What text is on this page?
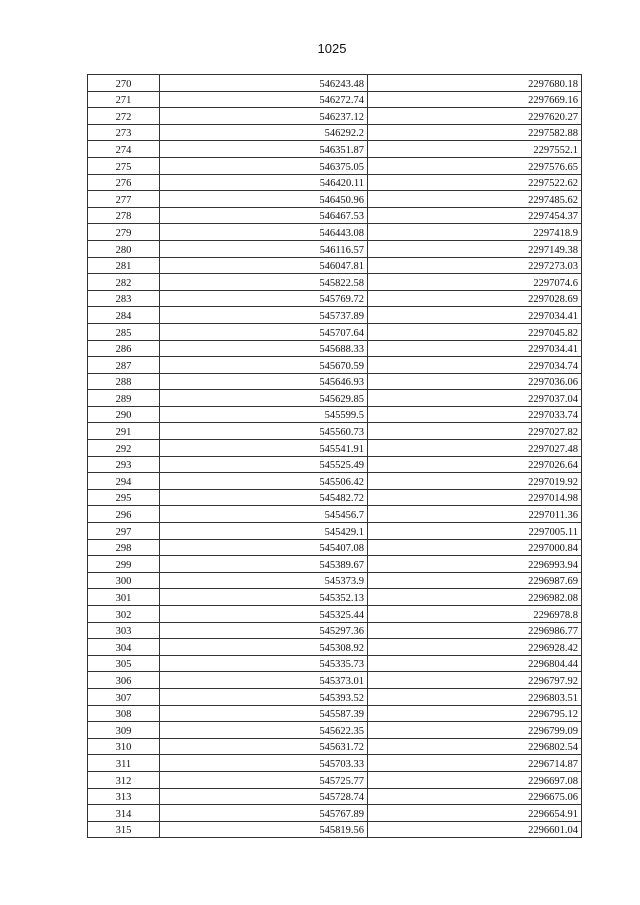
1025
270	546243.48	2297680.18
271	546272.74	2297669.16
272	546237.12	2297620.27
273	546292.2	2297582.88
274	546351.87	2297552.1
275	546375.05	2297576.65
276	546420.11	2297522.62
277	546450.96	2297485.62
278	546467.53	2297454.37
279	546443.08	2297418.9
280	546116.57	2297149.38
281	546047.81	2297273.03
282	545822.58	2297074.6
283	545769.72	2297028.69
284	545737.89	2297034.41
285	545707.64	2297045.82
286	545688.33	2297034.41
287	545670.59	2297034.74
288	545646.93	2297036.06
289	545629.85	2297037.04
290	545599.5	2297033.74
291	545560.73	2297027.82
292	545541.91	2297027.48
293	545525.49	2297026.64
294	545506.42	2297019.92
295	545482.72	2297014.98
296	545456.7	2297011.36
297	545429.1	2297005.11
298	545407.08	2297000.84
299	545389.67	2296993.94
300	545373.9	2296987.69
301	545352.13	2296982.08
302	545325.44	2296978.8
303	545297.36	2296986.77
304	545308.92	2296928.42
305	545335.73	2296804.44
306	545373.01	2296797.92
307	545393.52	2296803.51
308	545587.39	2296795.12
309	545622.35	2296799.09
310	545631.72	2296802.54
311	545703.33	2296714.87
312	545725.77	2296697.08
313	545728.74	2296675.06
314	545767.89	2296654.91
315	545819.56	2296601.04
